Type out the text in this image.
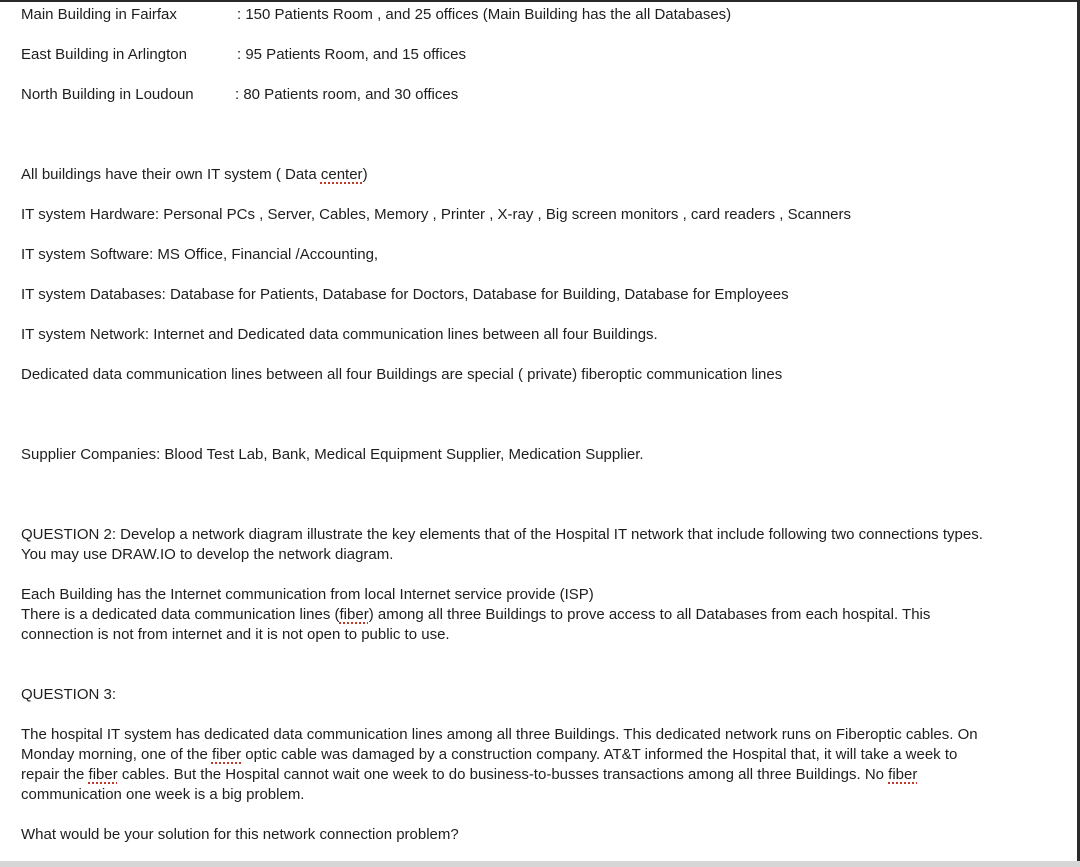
Main Building in Fairfax	: 150 Patients Room , and 25 offices (Main Building has the all Databases)
East Building in Arlington	: 95 Patients Room, and 15 offices
North Building in Loudoun	: 80 Patients room, and 30 offices
All buildings have their own IT system ( Data center)
IT system Hardware: Personal PCs , Server, Cables, Memory , Printer , X-ray , Big screen monitors , card readers , Scanners
IT system Software: MS Office, Financial /Accounting,
IT system Databases: Database for Patients, Database for Doctors, Database for Building, Database for Employees
IT system Network: Internet and Dedicated data communication lines between all four Buildings.
Dedicated data communication lines between all four Buildings are special ( private) fiberoptic communication lines
Supplier Companies: Blood Test Lab, Bank, Medical Equipment Supplier, Medication Supplier.
QUESTION 2: Develop a network diagram illustrate the key elements that of the Hospital IT network that include following two connections types.
You may use DRAW.IO to develop the network diagram.
Each Building has the Internet communication from local Internet service provide (ISP)
There is a dedicated data communication lines (fiber) among all three Buildings to prove access to all Databases from each hospital. This
connection is not from internet and it is not open to public to use.
QUESTION 3:
The hospital IT system has dedicated data communication lines among all three Buildings. This dedicated network runs on Fiberoptic cables. On
Monday morning, one of the fiber optic cable was damaged by a construction company. AT&T informed the Hospital that, it will take a week to
repair the fiber cables. But the Hospital cannot wait one week to do business-to-busses transactions among all three Buildings. No fiber
communication one week is a big problem.
What would be your solution for this network connection problem?
